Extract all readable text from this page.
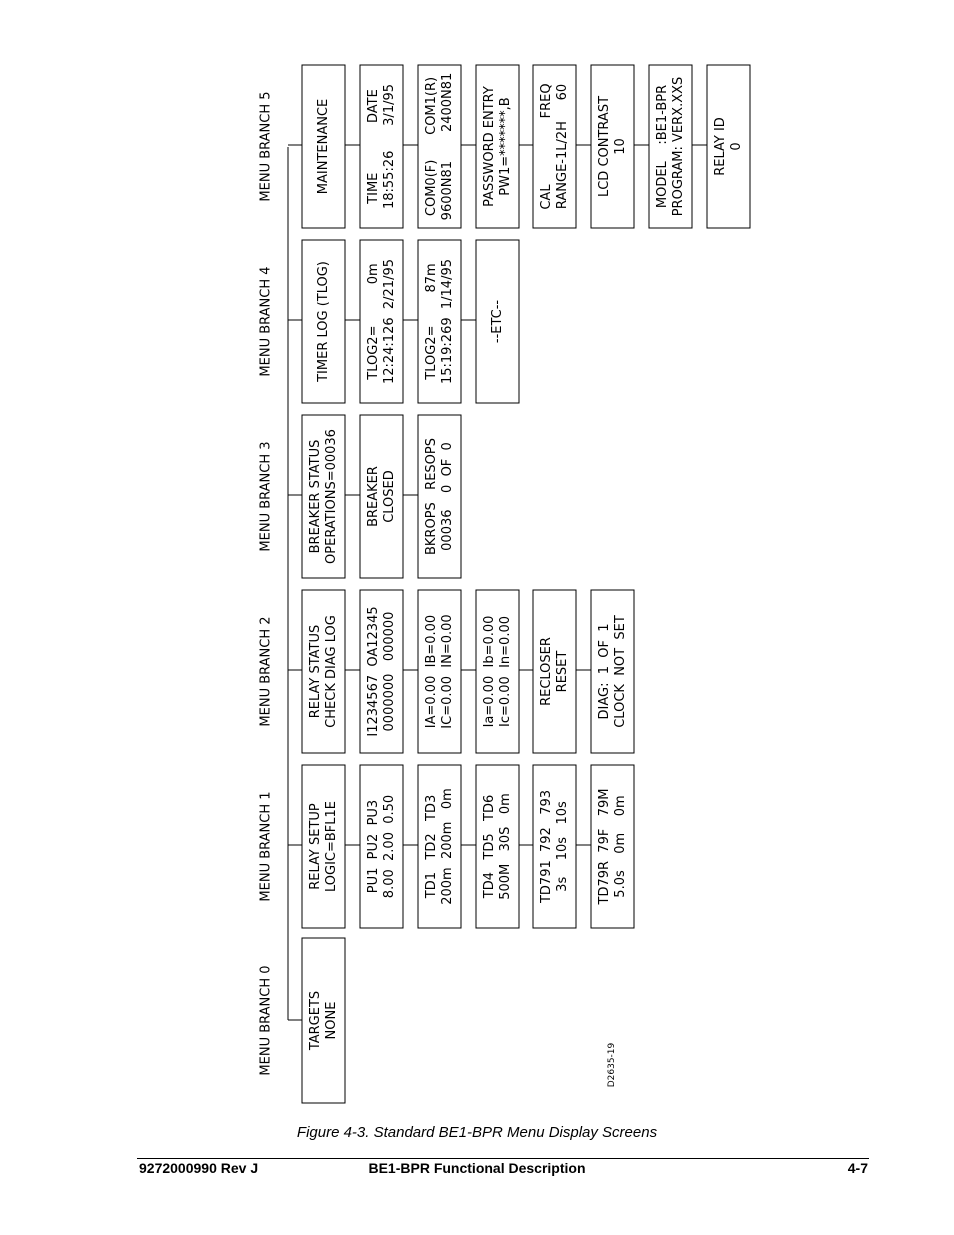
MENU BRANCH 0	TARGETS NONE
MENU BRANCH 1	RELAY SETUP LOGIC=BFL1E PU1  PU2  PU3 8.00  2.00  0.50 TD1   TD2   TD3 200m  200m   0m TD4   TD5   TD6 500M   30S   0m TD791  792   793 3s    10s   10s TD79R  79F   79M 5.0s    0m    0m
MENU BRANCH 2	RELAY STATUS CHECK DIAG LOG I1234567  OA12345 0000000   000000 IA=0.00  IB=0.00 IC=0.00  IN=0.00 Ia=0.00  Ib=0.00 Ic=0.00  In=0.00 RECLOSER RESET DIAG:  1  OF  1 CLOCK  NOT  SET
MENU BRANCH 3	BREAKER STATUS OPERATIONS=00036 BREAKER CLOSED BKROPS   RESOPS 00036    0  OF  0
MENU BRANCH 4	TIMER LOG (TLOG)	TLOG2=          0m 12:24:126  2/21/95 TLOG2=        87m 15:19:269  1/14/95	--ETC--
MENU BRANCH 5	MAINTENANCE	TIME            DATE 18:55:26      3/1/95 COM0(F)      COM1(R) 9600N81       2400N81 PASSWORD ENTRY PW1=*******,B CAL                FREQ RANGE-1L/2H     60 LCD CONTRAST 10 MODEL    :BE1-BPR PROGRAM: VERX.XXS RELAY ID 0
D2635-19
Figure 4-3. Standard BE1-BPR Menu Display Screens
9272000990 Rev J	BE1-BPR Functional Description	4-7
